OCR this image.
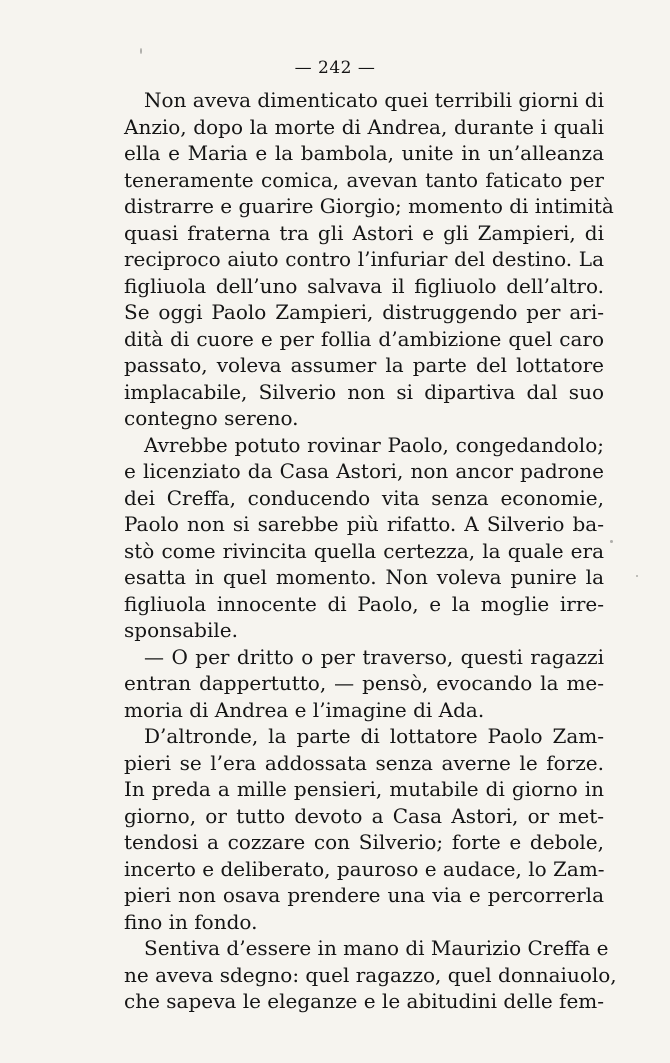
— 242 —
Non aveva dimenticato quei terribili giorni di
Anzio, dopo la morte di Andrea, durante i quali
ella e Maria e la bambola, unite in un’alleanza
teneramente comica, avevan tanto faticato per
distrarre e guarire Giorgio; momento di intimità
quasi fraterna tra gli Astori e gli Zampieri, di
reciproco aiuto contro l’infuriar del destino. La
figliuola dell’uno salvava il figliuolo dell’altro.
Se oggi Paolo Zampieri, distruggendo per ari-
dità di cuore e per follia d’ambizione quel caro
passato, voleva assumer la parte del lottatore
implacabile, Silverio non si dipartiva dal suo
contegno sereno.
Avrebbe potuto rovinar Paolo, congedandolo;
e licenziato da Casa Astori, non ancor padrone
dei Creffa, conducendo vita senza economie,
Paolo non si sarebbe più rifatto. A Silverio ba-
stò come rivincita quella certezza, la quale era
esatta in quel momento. Non voleva punire la
figliuola innocente di Paolo, e la moglie irre-
sponsabile.
— O per dritto o per traverso, questi ragazzi
entran dappertutto, — pensò, evocando la me-
moria di Andrea e l’imagine di Ada.
D’altronde, la parte di lottatore Paolo Zam-
pieri se l’era addossata senza averne le forze.
In preda a mille pensieri, mutabile di giorno in
giorno, or tutto devoto a Casa Astori, or met-
tendosi a cozzare con Silverio; forte e debole,
incerto e deliberato, pauroso e audace, lo Zam-
pieri non osava prendere una via e percorrerla
fino in fondo.
Sentiva d’essere in mano di Maurizio Creffa e
ne aveva sdegno: quel ragazzo, quel donnaiuolo,
che sapeva le eleganze e le abitudini delle fem-
